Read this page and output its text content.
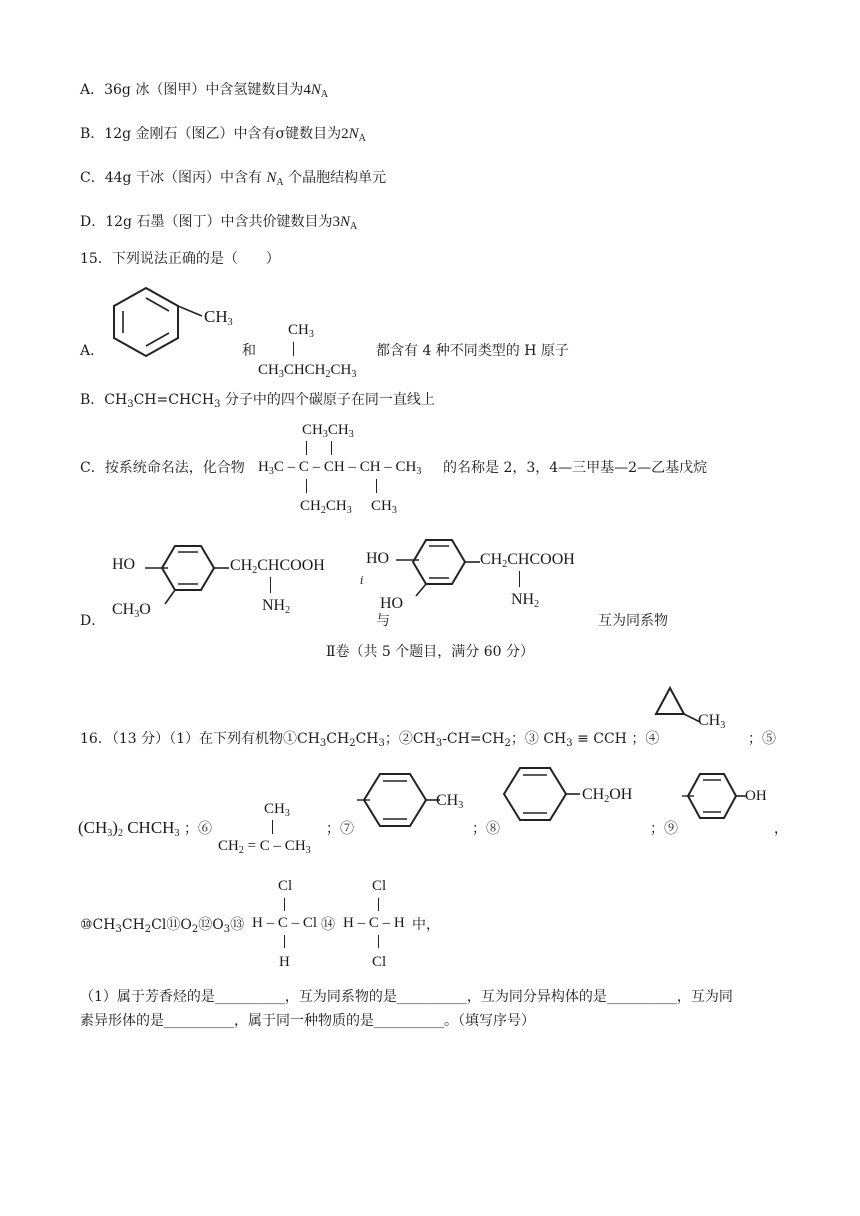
A．36g 冰（图甲）中含氢键数目为$4N_A$
B．12g 金刚石（图乙）中含有σ键数目为$2N_A$
C．44g 干冰（图丙）中含有 $N_A$ 个晶胞结构单元
D．12g 石墨（图丁）中含共价键数目为$3N_A$
15．下列说法正确的是（　　）
A．
$CH_3$
和
$CH_3$
$CH_3CHCH_2CH_3$
都含有 4 种不同类型的 H 原子
B．$CH_3CH=CHCH_3$ 分子中的四个碳原子在同一直线上
C．按系统命名法，化合物
$CH_3CH_3$
$H_3C$ – C – CH – CH – $CH_3$
$CH_2CH_3$ $CH_3$
的名称是 2，3，4—三甲基—2—乙基戊烷
D．
HO	$CH_2CHCOOH$
$NH_2$
$CH_3O$
i
与
HO	$CH_2CHCOOH$
$NH_2$
HO
互为同系物
Ⅱ卷（共 5 个题目，满分 60 分）
16．（13 分）（1）在下列有机物$①CH_3CH_2CH_3$；$②CH_3-CH=CH_2$；③ $CH_3$ ≡ CCH ；④
$CH_3$
；⑤
$(CH_3)_2$ $CHCH_3$ ；⑥
$CH_3$
$CH_2 = C - CH_3$
；⑦
$CH_3$
；⑧
$CH_2OH$
；⑨
OH
，
$⑩CH_3CH_2Cl⑪O_2⑫O_3⑬$
Cl
H – C – Cl
H
⑭
Cl
H – C – H
Cl
中，
（1）属于芳香烃的是__________，互为同系物的是__________，互为同分异构体的是__________，互为同
素异形体的是__________，属于同一种物质的是__________。（填写序号）
